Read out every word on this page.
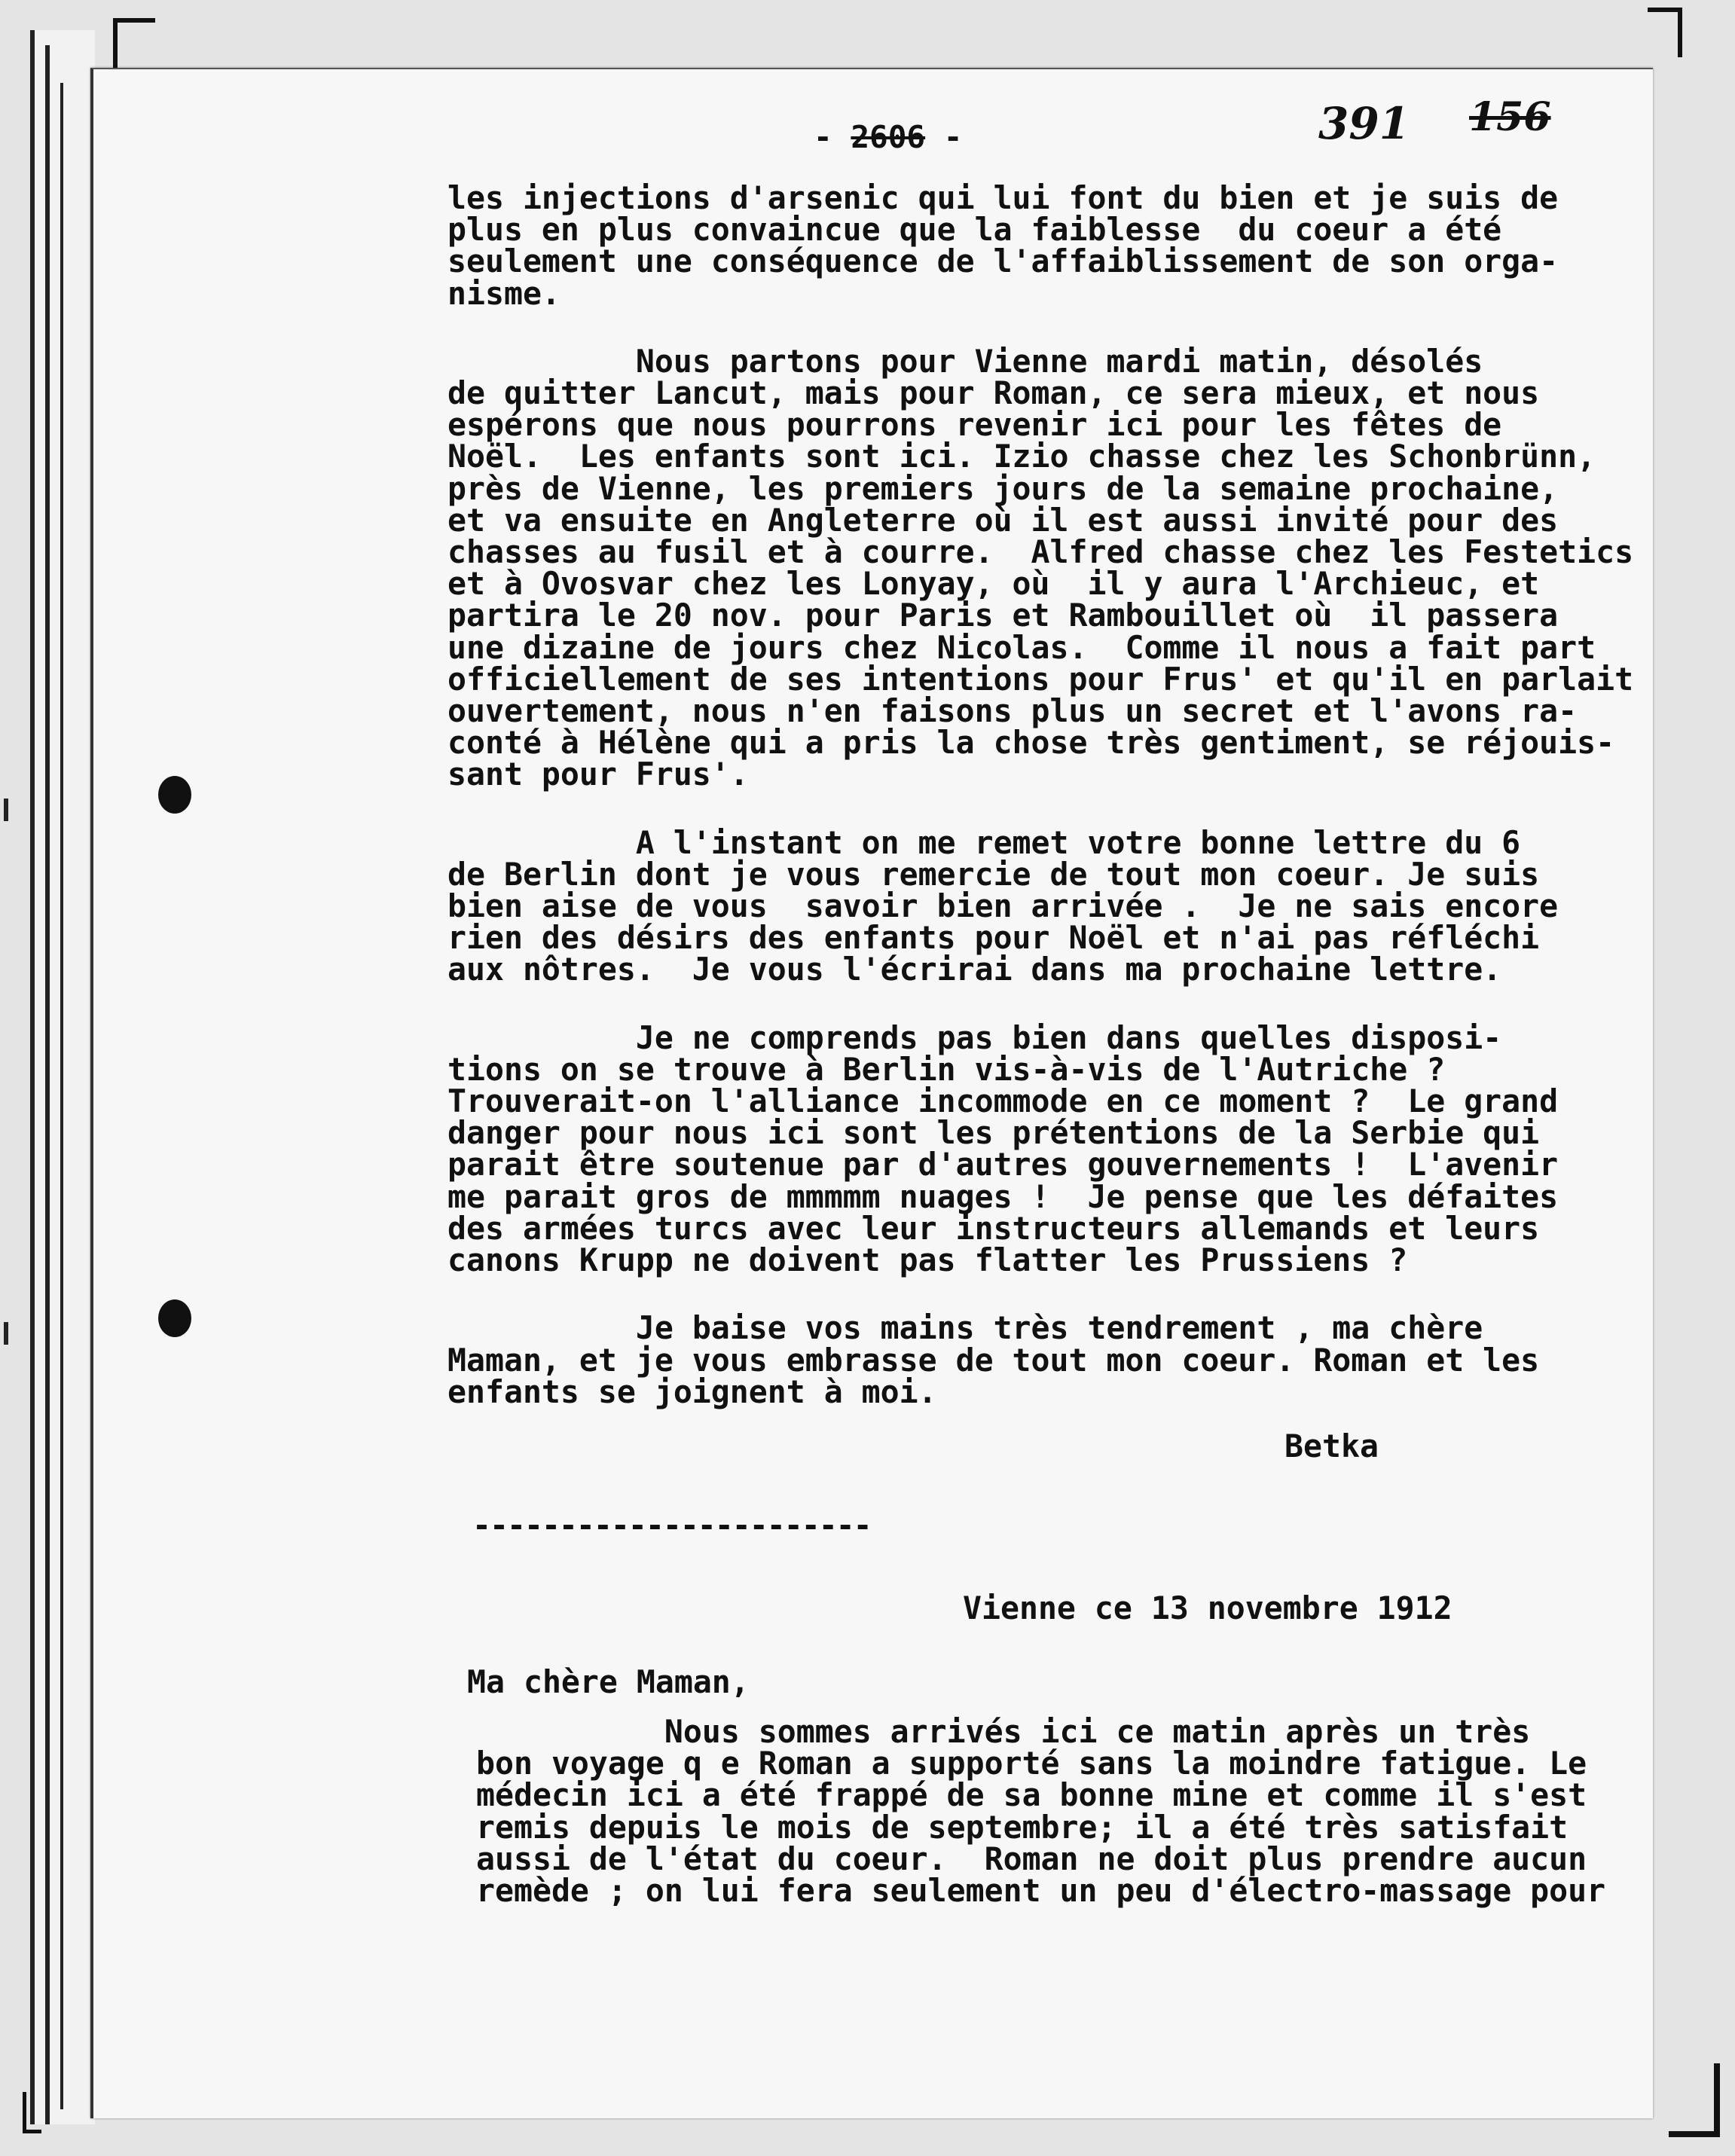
- 2606 -	391 156

les injections d'arsenic qui lui font du bien et je suis de
plus en plus convaincue que la faiblesse  du coeur a été
seulement une conséquence de l'affaiblissement de son orga-
nisme.

Nous partons pour Vienne mardi matin, désolés
de quitter Lancut, mais pour Roman, ce sera mieux, et nous
espérons que nous pourrons revenir ici pour les fêtes de
Noël.  Les enfants sont ici. Izio chasse chez les Schonbrünn,
près de Vienne, les premiers jours de la semaine prochaine,
et va ensuite en Angleterre où il est aussi invité pour des
chasses au fusil et à courre.  Alfred chasse chez les Festetics
et à Ovosvar chez les Lonyay, où  il y aura l'Archieuc, et
partira le 20 nov. pour Paris et Rambouillet où  il passera
une dizaine de jours chez Nicolas.  Comme il nous a fait part
officiellement de ses intentions pour Frus' et qu'il en parlait
ouvertement, nous n'en faisons plus un secret et l'avons ra-
conté à Hélène qui a pris la chose très gentiment, se réjouis-
sant pour Frus'.

A l'instant on me remet votre bonne lettre du 6
de Berlin dont je vous remercie de tout mon coeur. Je suis
bien aise de vous  savoir bien arrivée .  Je ne sais encore
rien des désirs des enfants pour Noël et n'ai pas réfléchi
aux nôtres.  Je vous l'écrirai dans ma prochaine lettre.

Je ne comprends pas bien dans quelles disposi-
tions on se trouve à Berlin vis-à-vis de l'Autriche ?
Trouverait-on l'alliance incommode en ce moment ?  Le grand
danger pour nous ici sont les prétentions de la Serbie qui
parait être soutenue par d'autres gouvernements !  L'avenir
me parait gros de mmmmm nuages !  Je pense que les défaites
des armées turcs avec leur instructeurs allemands et leurs
canons Krupp ne doivent pas flatter les Prussiens ?

Je baise vos mains très tendrement , ma chère
Maman, et je vous embrasse de tout mon coeur. Roman et les
enfants se joignent à moi.

Betka
-----------------------
Vienne ce 13 novembre 1912
Ma chère Maman,

Nous sommes arrivés ici ce matin après un très
bon voyage q e Roman a supporté sans la moindre fatigue. Le
médecin ici a été frappé de sa bonne mine et comme il s'est
remis depuis le mois de septembre; il a été très satisfait
aussi de l'état du coeur.  Roman ne doit plus prendre aucun
remède ; on lui fera seulement un peu d'électro-massage pour
